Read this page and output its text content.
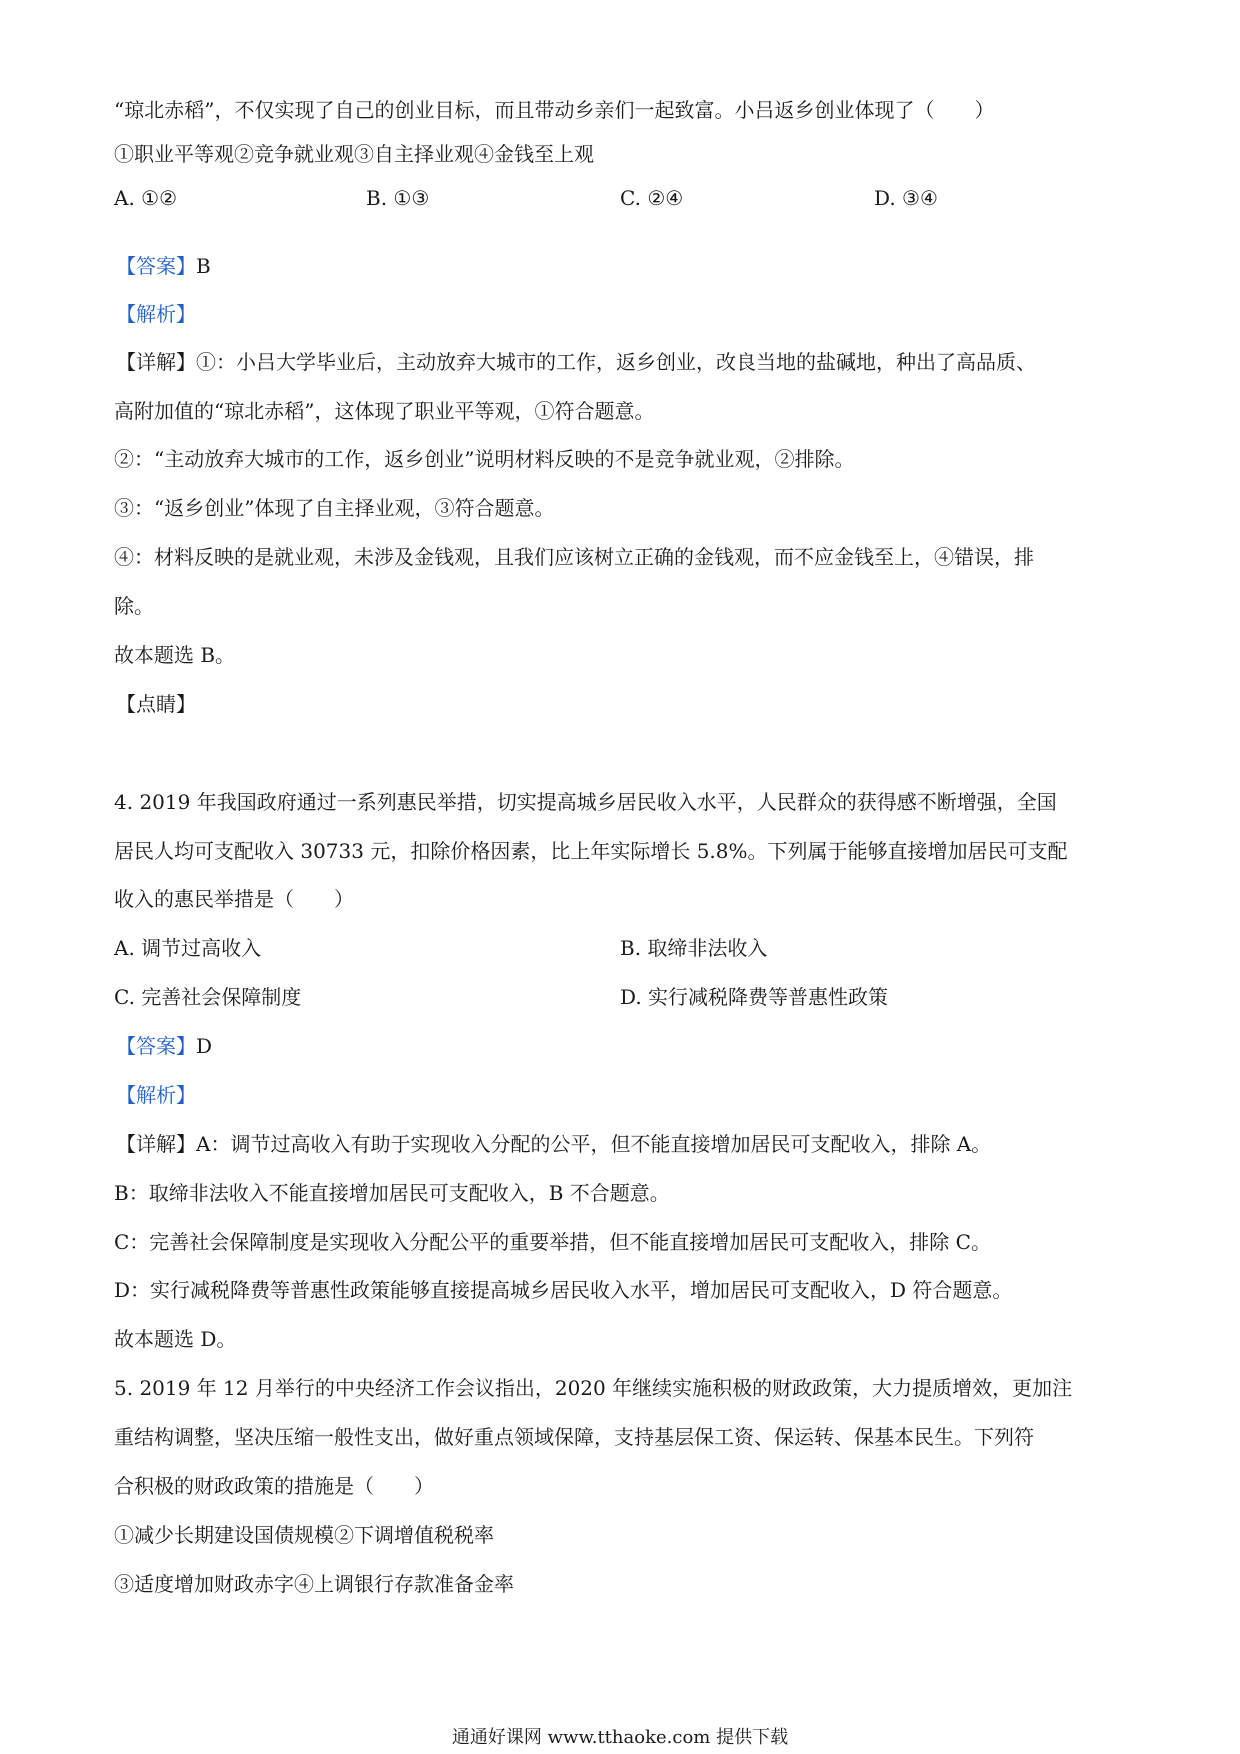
“琼北赤稻”，不仅实现了自己的创业目标，而且带动乡亲们一起致富。小吕返乡创业体现了（　　）
①职业平等观②竞争就业观③自主择业观④金钱至上观
A. ①②	B. ①③	C. ②④	D. ③④
【答案】B
【解析】
【详解】①：小吕大学毕业后，主动放弃大城市的工作，返乡创业，改良当地的盐碱地，种出了高品质、
高附加值的“琼北赤稻”，这体现了职业平等观，①符合题意。
②：“主动放弃大城市的工作，返乡创业”说明材料反映的不是竞争就业观，②排除。
③：“返乡创业”体现了自主择业观，③符合题意。
④：材料反映的是就业观，未涉及金钱观，且我们应该树立正确的金钱观，而不应金钱至上，④错误，排
除。
故本题选 B。
【点睛】
4. 2019 年我国政府通过一系列惠民举措，切实提高城乡居民收入水平，人民群众的获得感不断增强，全国
居民人均可支配收入 30733 元，扣除价格因素，比上年实际增长 5.8%。下列属于能够直接增加居民可支配
收入的惠民举措是（　　）
A. 调节过高收入	B. 取缔非法收入
C. 完善社会保障制度	D. 实行减税降费等普惠性政策
【答案】D
【解析】
【详解】A：调节过高收入有助于实现收入分配的公平，但不能直接增加居民可支配收入，排除 A。
B：取缔非法收入不能直接增加居民可支配收入，B 不合题意。
C：完善社会保障制度是实现收入分配公平的重要举措，但不能直接增加居民可支配收入，排除 C。
D：实行减税降费等普惠性政策能够直接提高城乡居民收入水平，增加居民可支配收入，D 符合题意。
故本题选 D。
5. 2019 年 12 月举行的中央经济工作会议指出，2020 年继续实施积极的财政政策，大力提质增效，更加注
重结构调整，坚决压缩一般性支出，做好重点领域保障，支持基层保工资、保运转、保基本民生。下列符
合积极的财政政策的措施是（　　）
①减少长期建设国债规模②下调增值税税率
③适度增加财政赤字④上调银行存款准备金率
通通好课网 www.tthaoke.com 提供下载
